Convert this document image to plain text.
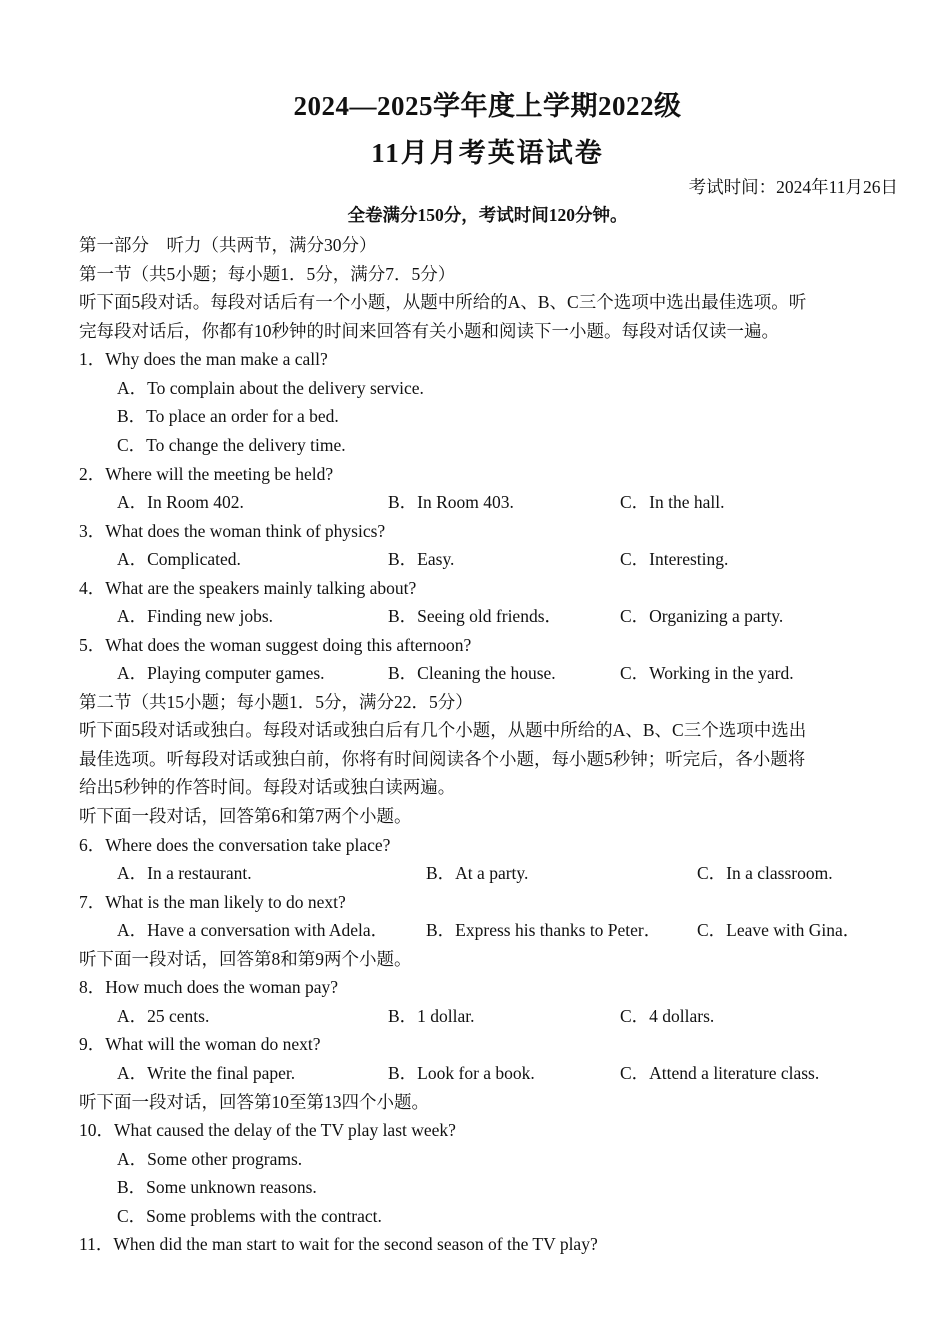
2024—2025学年度上学期2022级
11月月考英语试卷
考试时间：2024年11月26日
全卷满分150分，考试时间120分钟。
第一部分　听力（共两节，满分30分）
第一节（共5小题；每小题1．5分，满分7．5分）
听下面5段对话。每段对话后有一个小题，从题中所给的A、B、C三个选项中选出最佳选项。听
完每段对话后，你都有10秒钟的时间来回答有关小题和阅读下一小题。每段对话仅读一遍。
1．Why does the man make a call?
A．To complain about the delivery service.
B．To place an order for a bed.
C．To change the delivery time.
2．Where will the meeting be held?
A．In Room 402.	B．In Room 403.	C．In the hall.
3．What does the woman think of physics?
A．Complicated.	B．Easy.	C．Interesting.
4．What are the speakers mainly talking about?
A．Finding new jobs.	B．Seeing old friends．	C．Organizing a party.
5．What does the woman suggest doing this afternoon?
A．Playing computer games.	B．Cleaning the house.	C．Working in the yard.
第二节（共15小题；每小题1．5分，满分22．5分）
听下面5段对话或独白。每段对话或独白后有几个小题，从题中所给的A、B、C三个选项中选出
最佳选项。听每段对话或独白前，你将有时间阅读各个小题，每小题5秒钟；听完后，各小题将
给出5秒钟的作答时间。每段对话或独白读两遍。
听下面一段对话，回答第6和第7两个小题。
6．Where does the conversation take place?
A．In a restaurant.	B．At a party.	C．In a classroom.
7．What is the man likely to do next?
A．Have a conversation with Adela． B．Express his thanks to Peter． C．Leave with Gina．
听下面一段对话，回答第8和第9两个小题。
8．How much does the woman pay?
A．25 cents.	B．1 dollar.	C．4 dollars.
9．What will the woman do next?
A．Write the final paper.	B．Look for a book.	C．Attend a literature class.
听下面一段对话，回答第10至第13四个小题。
10．What caused the delay of the TV play last week?
A．Some other programs.
B．Some unknown reasons.
C．Some problems with the contract.
11．When did the man start to wait for the second season of the TV play?
